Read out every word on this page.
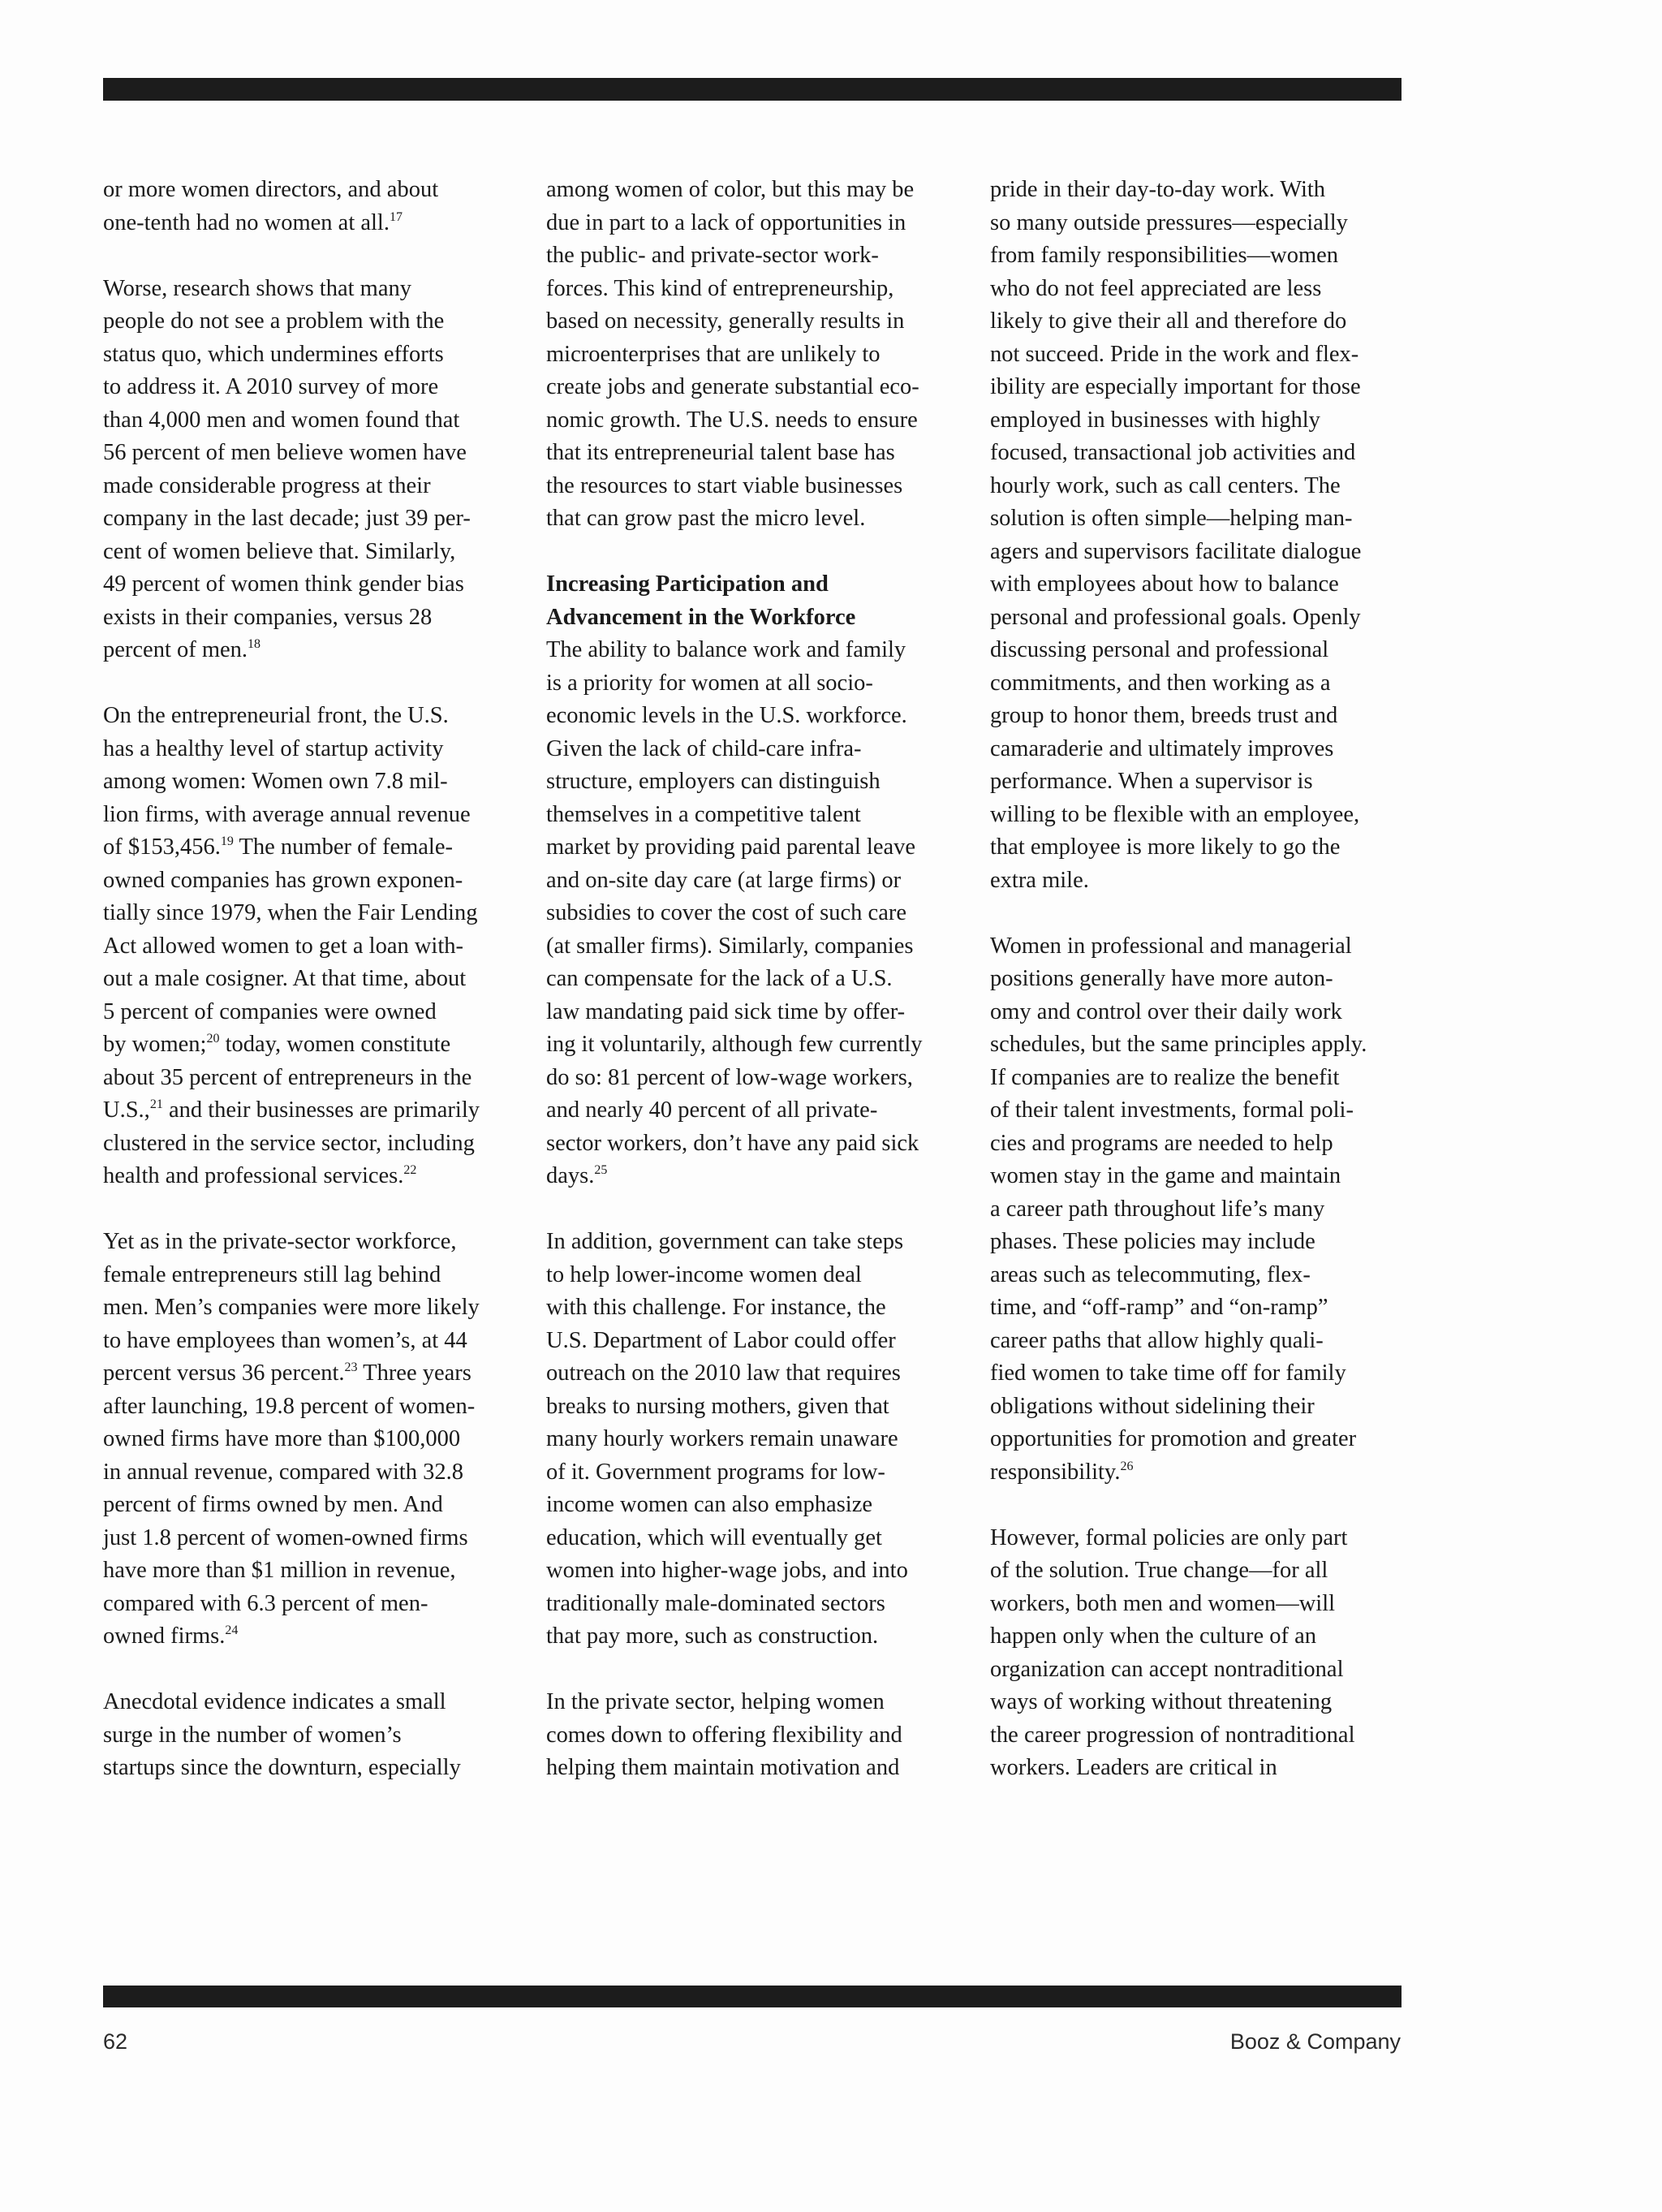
or more women directors, and about
one-tenth had no women at all.$^{17}$
Worse, research shows that many
people do not see a problem with the
status quo, which undermines efforts
to address it. A 2010 survey of more
than 4,000 men and women found that
56 percent of men believe women have
made considerable progress at their
company in the last decade; just 39 per-
cent of women believe that. Similarly,
49 percent of women think gender bias
exists in their companies, versus 28
percent of men.$^{18}$
On the entrepreneurial front, the U.S.
has a healthy level of startup activity
among women: Women own 7.8 mil-
lion firms, with average annual revenue
of $153,456.19 The number of female-
owned companies has grown exponen-
tially since 1979, when the Fair Lending
Act allowed women to get a loan with-
out a male cosigner. At that time, about
5 percent of companies were owned
by women;$^{20}$ today, women constitute
about 35 percent of entrepreneurs in the
U.S.,$^{21}$ and their businesses are primarily
clustered in the service sector, including
health and professional services.$^{22}$
Yet as in the private-sector workforce,
female entrepreneurs still lag behind
men. Men’s companies were more likely
to have employees than women’s, at 44
percent versus 36 percent.$^{23}$ Three years
after launching, 19.8 percent of women-
owned firms have more than $100,000
in annual revenue, compared with 32.8
percent of firms owned by men. And
just 1.8 percent of women-owned firms
have more than $1 million in revenue,
compared with 6.3 percent of men-
owned firms.$^{24}$
Anecdotal evidence indicates a small
surge in the number of women’s
startups since the downturn, especially
among women of color, but this may be
due in part to a lack of opportunities in
the public- and private-sector work-
forces. This kind of entrepreneurship,
based on necessity, generally results in
microenterprises that are unlikely to
create jobs and generate substantial eco-
nomic growth. The U.S. needs to ensure
that its entrepreneurial talent base has
the resources to start viable businesses
that can grow past the micro level.
Increasing Participation and
Advancement in the Workforce
The ability to balance work and family
is a priority for women at all socio-
economic levels in the U.S. workforce.
Given the lack of child-care infra-
structure, employers can distinguish
themselves in a competitive talent
market by providing paid parental leave
and on-site day care (at large firms) or
subsidies to cover the cost of such care
(at smaller firms). Similarly, companies
can compensate for the lack of a U.S.
law mandating paid sick time by offer-
ing it voluntarily, although few currently
do so: 81 percent of low-wage workers,
and nearly 40 percent of all private-
sector workers, don’t have any paid sick
days.$^{25}$
In addition, government can take steps
to help lower-income women deal
with this challenge. For instance, the
U.S. Department of Labor could offer
outreach on the 2010 law that requires
breaks to nursing mothers, given that
many hourly workers remain unaware
of it. Government programs for low-
income women can also emphasize
education, which will eventually get
women into higher-wage jobs, and into
traditionally male-dominated sectors
that pay more, such as construction.
In the private sector, helping women
comes down to offering flexibility and
helping them maintain motivation and
pride in their day-to-day work. With
so many outside pressures—especially
from family responsibilities—women
who do not feel appreciated are less
likely to give their all and therefore do
not succeed. Pride in the work and flex-
ibility are especially important for those
employed in businesses with highly
focused, transactional job activities and
hourly work, such as call centers. The
solution is often simple—helping man-
agers and supervisors facilitate dialogue
with employees about how to balance
personal and professional goals. Openly
discussing personal and professional
commitments, and then working as a
group to honor them, breeds trust and
camaraderie and ultimately improves
performance. When a supervisor is
willing to be flexible with an employee,
that employee is more likely to go the
extra mile.
Women in professional and managerial
positions generally have more auton-
omy and control over their daily work
schedules, but the same principles apply.
If companies are to realize the benefit
of their talent investments, formal poli-
cies and programs are needed to help
women stay in the game and maintain
a career path throughout life’s many
phases. These policies may include
areas such as telecommuting, flex-
time, and “off-ramp” and “on-ramp”
career paths that allow highly quali-
fied women to take time off for family
obligations without sidelining their
opportunities for promotion and greater
responsibility.$^{26}$
However, formal policies are only part
of the solution. True change—for all
workers, both men and women—will
happen only when the culture of an
organization can accept nontraditional
ways of working without threatening
the career progression of nontraditional
workers. Leaders are critical in
62	Booz & Company
